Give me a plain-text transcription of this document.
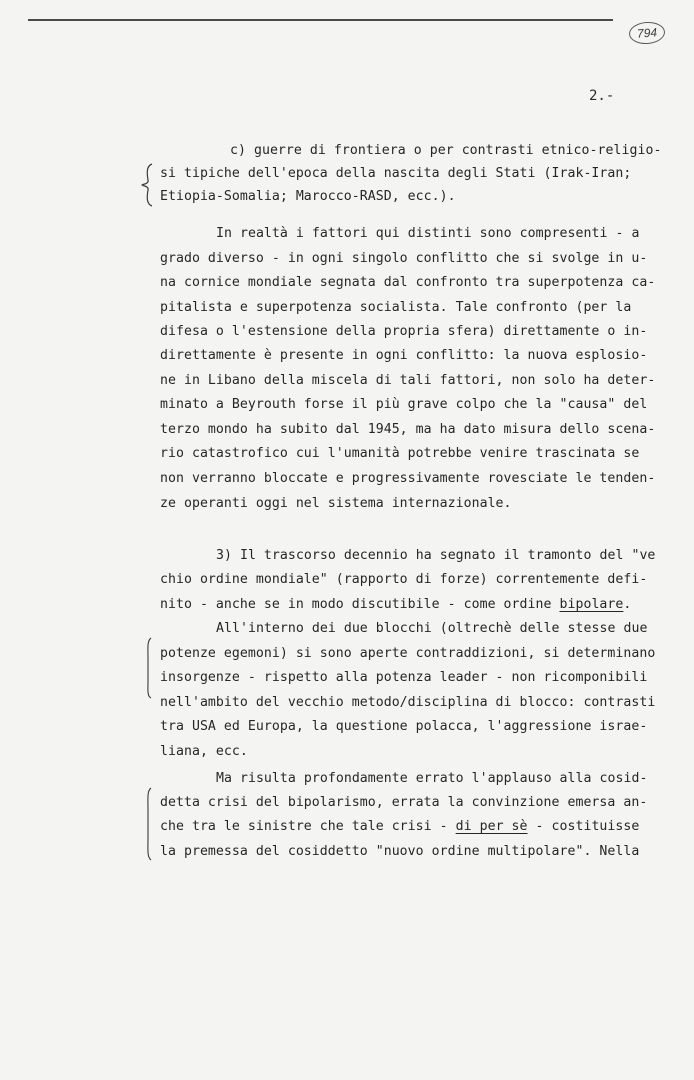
794
2.-
c) guerre di frontiera o per contrasti etnico-religio-
si tipiche dell'epoca della nascita degli Stati (Irak-Iran;
Etiopia-Somalia; Marocco-RASD, ecc.).
In realtà i fattori qui distinti sono compresenti - a
grado diverso - in ogni singolo conflitto che si svolge in u-
na cornice mondiale segnata dal confronto tra superpotenza ca-
pitalista e superpotenza socialista. Tale confronto (per la
difesa o l'estensione della propria sfera) direttamente o in-
direttamente è presente in ogni conflitto: la nuova esplosio-
ne in Libano della miscela di tali fattori, non solo ha deter-
minato a Beyrouth forse il più grave colpo che la "causa" del
terzo mondo ha subito dal 1945, ma ha dato misura dello scena-
rio catastrofico cui l'umanità potrebbe venire trascinata se
non verranno bloccate e progressivamente rovesciate le tenden-
ze operanti oggi nel sistema internazionale.
3) Il trascorso decennio ha segnato il tramonto del "ve
chio ordine mondiale" (rapporto di forze) correntemente defi-
nito - anche se in modo discutibile - come ordine bipolare.
All'interno dei due blocchi (oltrechè delle stesse due
potenze egemoni) si sono aperte contraddizioni, si determinano
insorgenze - rispetto alla potenza leader - non ricomponibili
nell'ambito del vecchio metodo/disciplina di blocco: contrasti
tra USA ed Europa, la questione polacca, l'aggressione israe-
liana, ecc.
Ma risulta profondamente errato l'applauso alla cosid-
detta crisi del bipolarismo, errata la convinzione emersa an-
che tra le sinistre che tale crisi - di per sè - costituisse
la premessa del cosiddetto "nuovo ordine multipolare". Nella
